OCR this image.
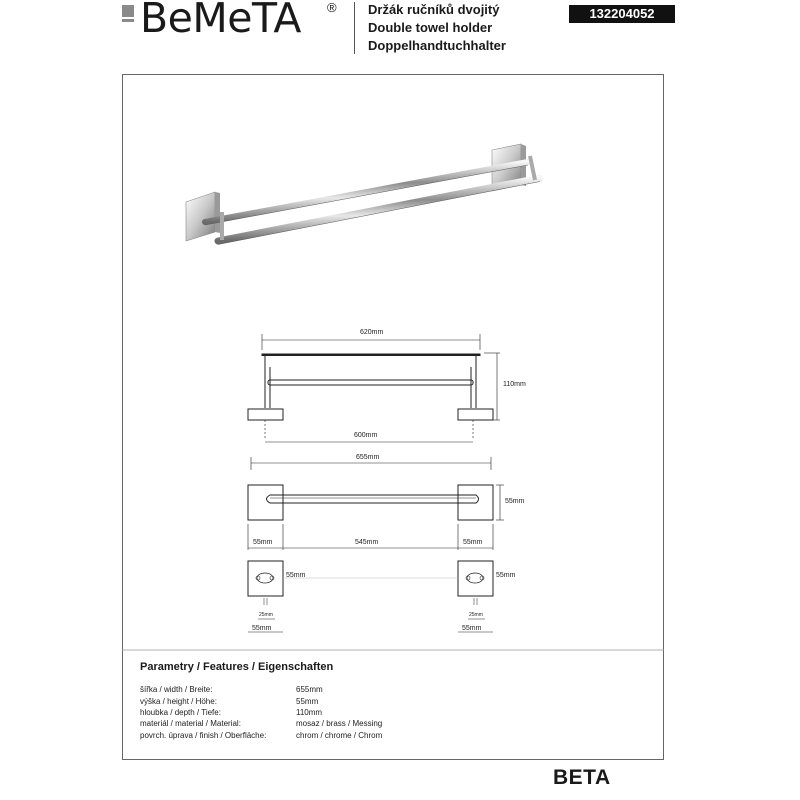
BeMeTA ® Držák ručníků dvojitý
Double towel holder
Doppelhandtuchhalter
132204052
620mm
110mm
600mm
655mm
55mm
55mm	545mm	55mm
55mm	55mm
25mm	25mm
55mm	55mm
Parametry / Features / Eigenschaften
šířka / width / Breite:	655mm
výška / height / Höhe:	55mm
hloubka / depth / Tiefe:	110mm
materiál / material / Material:	mosaz / brass / Messing
povrch. úprava / finish / Oberfläche:	chrom / chrome / Chrom
BETA
